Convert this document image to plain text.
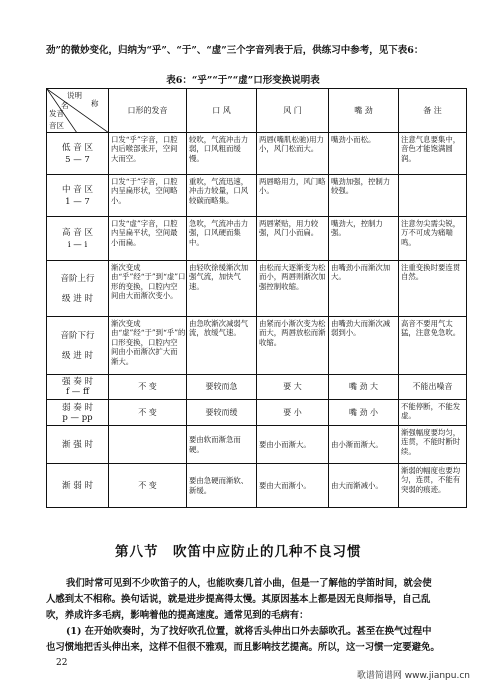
劲”的微妙变化，归纳为“乎”、“于”、“虚”三个字音列表于后，供练习中参考，见下表6：
表6：“乎”“于”“虚”口形变换说明表
说明
称
名
发音
音区	口形的发音	口 风	风 门	嘴 劲	备 注
低 音 区
5 — 7	口发“乎”字音，口腔内后喉部张开，空间大而空。	较吹，气流冲击力弱，口风粗而缓慢。	两唇(嘴肌松驰)用力小，风门松而大。	嘴劲小而松。	注意气息要集中，音色才能饱满圆润。
中 音 区
1 — 7	口发“于”字音，口腔内呈扁形状，空间略小。	重吹，气流迅速，冲击力较量，口风较碳而略集。	两唇略用力，风门略小。	嘴劲加强，控制力较强。	
高 音 区
i — i	口发“虚”字音，口腔内呈扁平状，空间最小而扁。	急吹，气流冲击力强，口风硬而集中。	两唇紧贴，用力较强，风门小而扁。	嘴劲大，控制力强。	注意勿尖需尖锐，万不可成为痛喘鸣。
音阶上行

级 进 时	渐次变成由“乎”经“于”到“虚”口形的变换，口腔内空间由大而渐次变小。	由轻吹徐缓渐次加强气流，加快气速。	由松而大逐渐变为松而小，两唇则渐次加强控制收缩。	由嘴劲小而渐次加大。	注重变换时要连贯自然。
音阶下行

级 进 时	渐次变成由“虚”经“于”到“乎”的口形变换，口腔内空间由小而渐次扩大而渐大。	由急吹渐次减弱气流，放缓气速。	由紧而小渐次变为松而大，两唇放松而渐收缩。	由嘴劲大而渐次减弱到小。	高音不要用气太猛，注意免急吹。
强 奏 时
f — ff	不 变	要较而急	要 大	嘴 劲 大	不能出噪音
弱 奏 时
p — pp	不 变	要较而缓	要 小	嘴 劲 小	不能停断，不能发虚。
渐 强 时		要由软而渐急而硬。	要由小而渐大。	由小渐而渐大。	渐强幅度要均匀，连贯，不能时断时续。
渐 弱 时	不 变	要由急硬而渐软、新缓。	要由大而渐小。	由大而渐减小。	渐弱的幅度也要均匀，连贯，不能有突弱的痕迹。
第八节　吹笛中应防止的几种不良习惯
我们时常可见到不少吹笛子的人，也能吹奏几首小曲，但是一了解他的学笛时间，就会使
人感到太不相称。换句话说，就是进步提高得太慢。其原因基本上都是因无良师指导，自己乱
吹，养成许多毛病，影响着他的提高速度。通常见到的毛病有：
(1) 在开始吹奏时，为了找好吹孔位置，就将舌头伸出口外去舔吹孔。甚至在换气过程中
也习惯地把舌头伸出来，这样不但很不雅观，而且影响技艺提高。所以，这一习惯一定要避免。
22
歌谱简谱网 www.jianpu.cn
